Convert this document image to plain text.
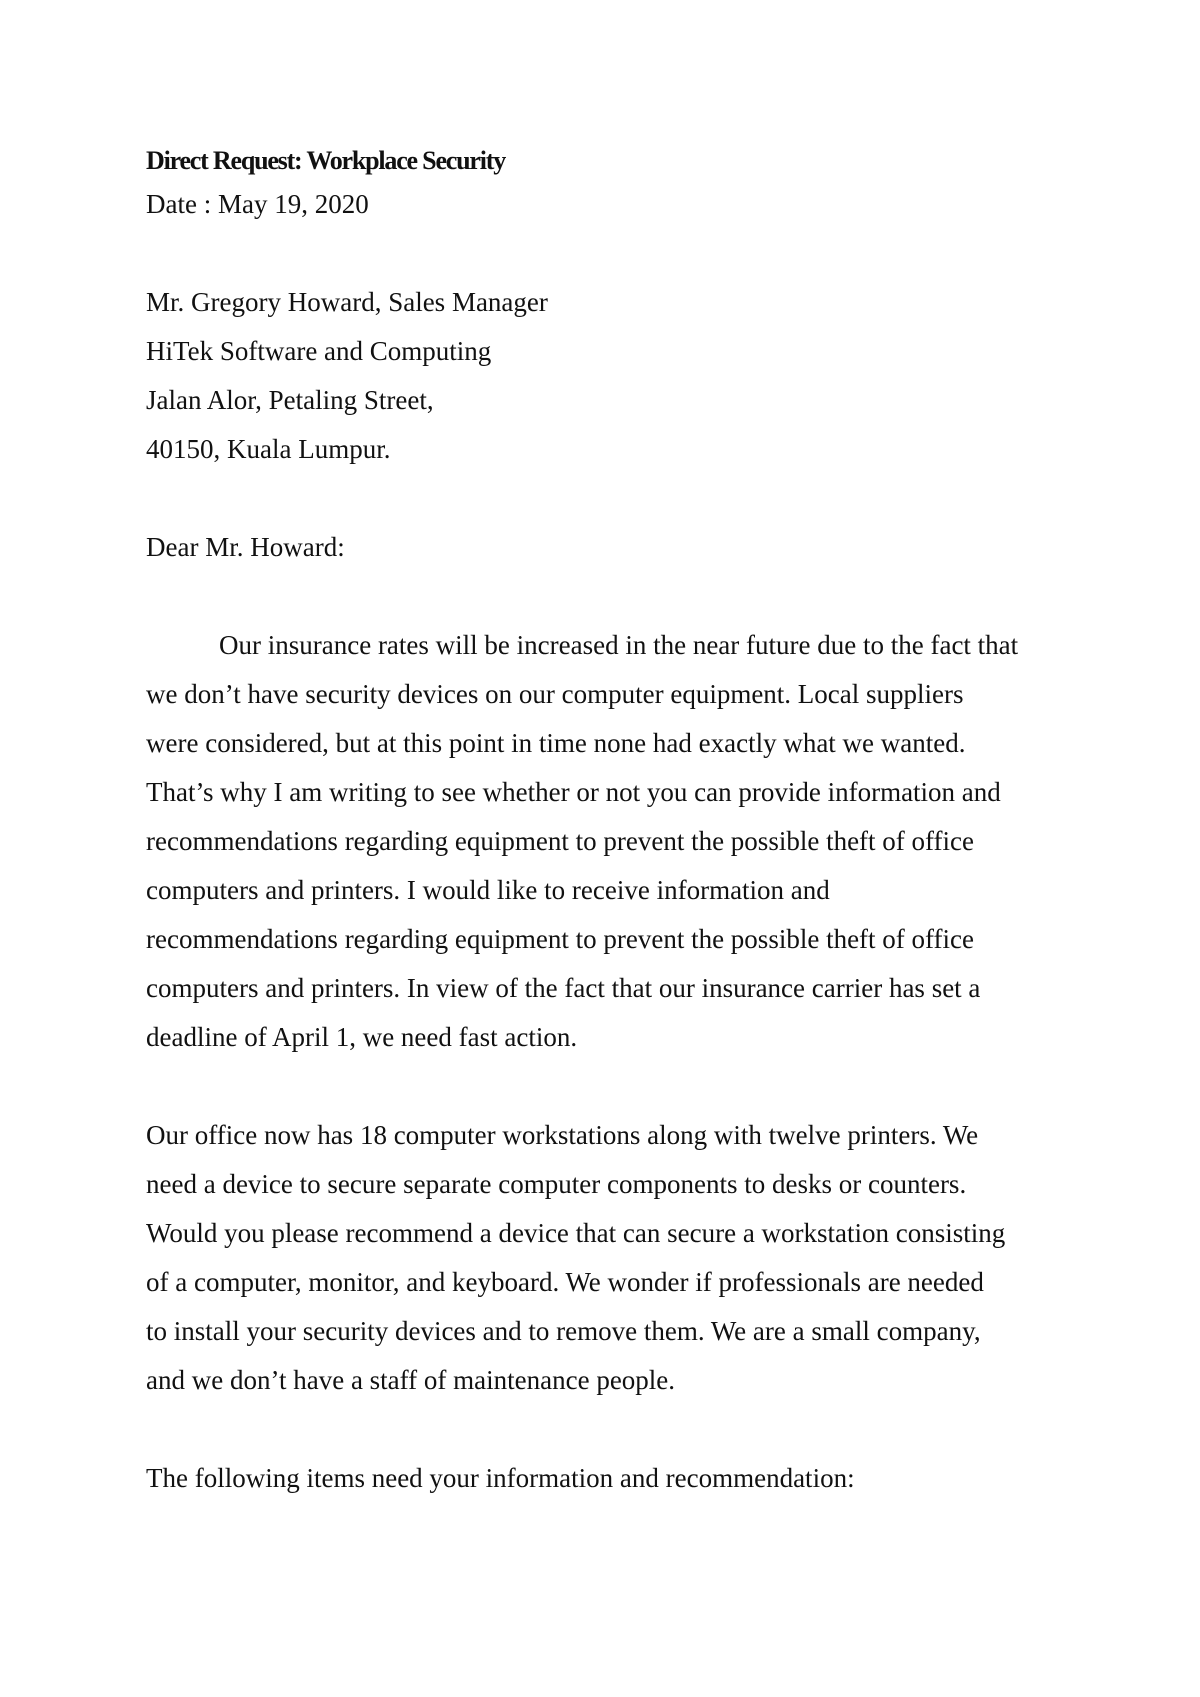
Direct Request: Workplace Security

Date : May 19, 2020

Mr. Gregory Howard, Sales Manager

HiTek Software and Computing

Jalan Alor, Petaling Street,

40150, Kuala Lumpur.

Dear Mr. Howard:

Our insurance rates will be increased in the near future due to the fact that
we don’t have security devices on our computer equipment. Local suppliers
were considered, but at this point in time none had exactly what we wanted.
That’s why I am writing to see whether or not you can provide information and
recommendations regarding equipment to prevent the possible theft of office
computers and printers. I would like to receive information and
recommendations regarding equipment to prevent the possible theft of office
computers and printers. In view of the fact that our insurance carrier has set a
deadline of April 1, we need fast action.

Our office now has 18 computer workstations along with twelve printers. We
need a device to secure separate computer components to desks or counters.
Would you please recommend a device that can secure a workstation consisting
of a computer, monitor, and keyboard. We wonder if professionals are needed
to install your security devices and to remove them. We are a small company,
and we don’t have a staff of maintenance people.

The following items need your information and recommendation:
